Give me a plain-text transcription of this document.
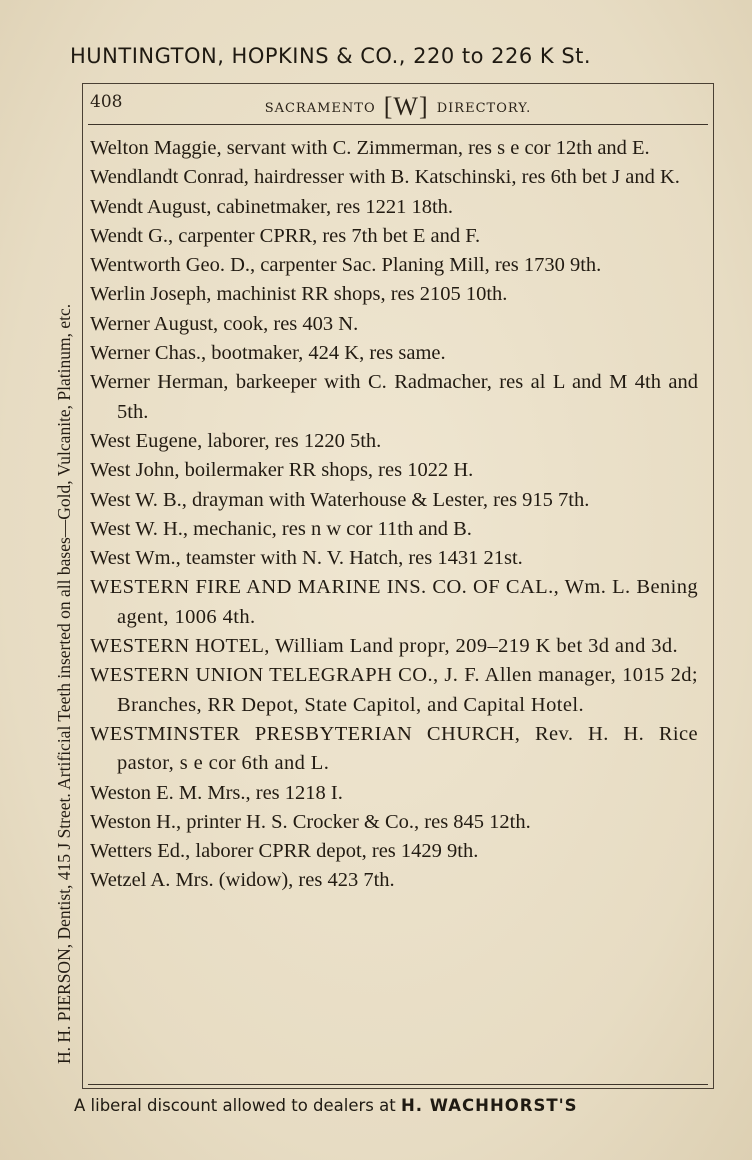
HUNTINGTON, HOPKINS & CO., 220 to 226 K St.
H. H. PIERSON, Dentist, 415 J Street. Artificial Teeth inserted on all bases—Gold, Vulcanite, Platinum, etc.
408	SACRAMENTO [W] DIRECTORY.
Welton Maggie, servant with C. Zimmerman, res s e cor 12th and E.
Wendlandt Conrad, hairdresser with B. Katschinski, res 6th bet J and K.
Wendt August, cabinetmaker, res 1221 18th.
Wendt G., carpenter CPRR, res 7th bet E and F.
Wentworth Geo. D., carpenter Sac. Planing Mill, res 1730 9th.
Werlin Joseph, machinist RR shops, res 2105 10th.
Werner August, cook, res 403 N.
Werner Chas., bootmaker, 424 K, res same.
Werner Herman, barkeeper with C. Radmacher, res al L and M 4th and 5th.
West Eugene, laborer, res 1220 5th.
West John, boilermaker RR shops, res 1022 H.
West W. B., drayman with Waterhouse & Lester, res 915 7th.
West W. H., mechanic, res n w cor 11th and B.
West Wm., teamster with N. V. Hatch, res 1431 21st.
WESTERN FIRE AND MARINE INS. CO. OF CAL., Wm. L. Bening agent, 1006 4th.
WESTERN HOTEL, William Land propr, 209–219 K bet 3d and 3d.
WESTERN UNION TELEGRAPH CO., J. F. Allen manager, 1015 2d; Branches, RR Depot, State Capitol, and Capital Hotel.
WESTMINSTER PRESBYTERIAN CHURCH, Rev. H. H. Rice pastor, s e cor 6th and L.
Weston E. M. Mrs., res 1218 I.
Weston H., printer H. S. Crocker & Co., res 845 12th.
Wetters Ed., laborer CPRR depot, res 1429 9th.
Wetzel A. Mrs. (widow), res 423 7th.
A liberal discount allowed to dealers at H. WACHHORST'S
